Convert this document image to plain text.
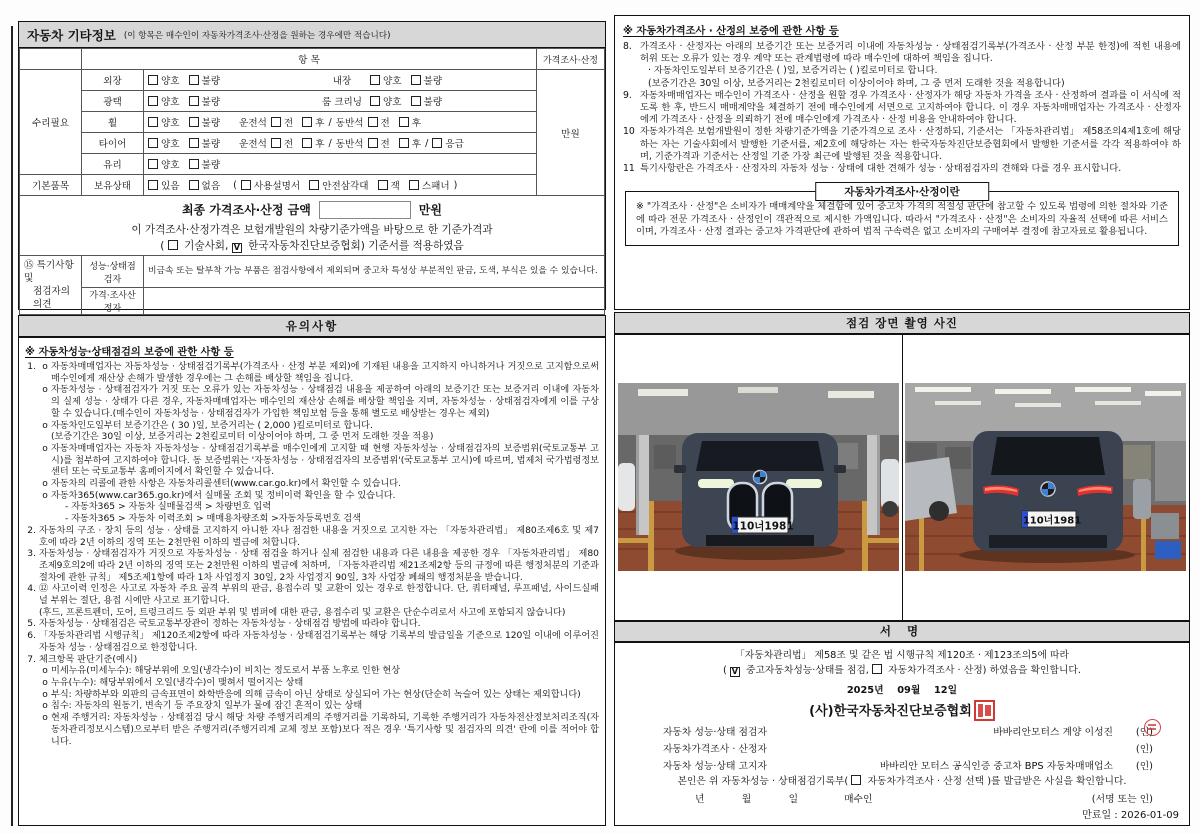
자동차 기타정보 (이 항목은 매수인이 자동차가격조사·산정을 원하는 경우에만 적습니다)
	항 목		가격조사·산정
수리필요	외장	양호 불량 내장 양호 불량	만원
	광택	양호 불량 룸 크리닝 양호 불량	

휠	양호 불량 운전석 전 후 / 동반석 전 후

타이어	양호 불량 운전석 전 후 / 동반석 전 후 / 응급

	유리	양호 불량	

기본품목	보유상태	있음 없음 ( 사용설명서 안전삼각대 잭 스패너 )

최종 가격조사·산정 금액	만원
이 가격조사·산정가격은 보험개발원의 차량기준가액을 바탕으로 한 기준가격과
( 기술사회, V 한국자동차진단보증협회) 기준서를 적용하였음

⑮ 특기사항 및
점검자의 의견	성능·상태점검자	비금속 또는 탈부착 가능 부품은 점검사항에서 제외되며 중고차 특성상 부분적인 판금, 도색, 부식은 있을 수 있습니다.	
	가격·조사산정자		
유의사항
※ 자동차성능·상태점검의 보증에 관한 사항 등
1. o 자동차매매업자는 자동차성능 · 상태점검기록부(가격조사 · 산정 부분 제외)에 기재된 내용을 고지하지 아니하거나 거짓으로 고지함으로써 매수인에게 재산상 손해가 발생한 경우에는 그 손해를 배상할 책임을 집니다.
o 자동차성능 · 상태점검자가 거짓 또는 오류가 있는 자동차성능 · 상태점검 내용을 제공하여 아래의 보증기간 또는 보증거리 이내에 자동차의 실제 성능 · 상태가 다른 경우, 자동차매매업자는 매수인의 재산상 손해를 배상할 책임을 지며, 자동차성능 · 상태점검자에게 이를 구상할 수 있습니다.(매수인이 자동차성능 · 상태점검자가 가입한 책임보험 등을 통해 별도로 배상받는 경우는 제외)
o 자동차인도일부터 보증기간은 ( 30 )일, 보증거리는 ( 2,000 )킬로미터로 합니다.
(보증기간은 30일 이상, 보증거리는 2천킬로미터 이상이어야 하며, 그 중 먼저 도래한 것을 적용)
o 자동차매매업자는 자동차 자동차성능 · 상태점검기록부를 매수인에게 고지할 때 현행 자동차성능 · 상태점검자의 보증범위(국토교통부 고시)를 첨부하여 고지하여야 합니다. 동 보증범위는 '자동차성능 · 상태점검자의 보증범위'(국토교통부 고시)에 따르며, 법제처 국가법령정보센터 또는 국토교통부 홈페이지에서 확인할 수 있습니다.
o 자동차의 리콜에 관한 사항은 자동차리콜센터(www.car.go.kr)에서 확인할 수 있습니다.
o 자동차365(www.car365.go.kr)에서 실매물 조회 및 정비이력 확인을 할 수 있습니다.
- 자동차365 > 자동차 실매물검색 > 차량번호 입력
- 자동차365 > 자동차 이력조회 > 매매용차량조회 >자동차등록번호 검색
2. 자동차의 구조 · 장치 등의 성능 · 상태를 고지하지 아니한 자나 점검한 내용을 거짓으로 고지한 자는 「자동차관리법」 제80조제6호 및 제7호에 따라 2년 이하의 징역 또는 2천만원 이하의 벌금에 처합니다.
3. 자동차성능 · 상태점검자가 거짓으로 자동차성능 · 상태 점검을 하거나 실제 점검한 내용과 다른 내용을 제공한 경우 「자동차관리법」 제80조제9호의2에 따라 2년 이하의 징역 또는 2천만원 이하의 벌금에 처하며, 「자동차관리법 제21조제2항 등의 규정에 따른 행정처분의 기준과 절차에 관한 규칙」 제5조제1항에 따라 1차 사업정지 30일, 2차 사업정지 90일, 3차 사업장 폐쇄의 행정처분을 받습니다.
4. ⑫ 사고이력 인정은 사고로 자동차 주요 골격 부위의 판금, 용접수리 및 교환이 있는 경우로 한정합니다. 단, 쿼터패널, 루프패널, 사이드실패널 부위는 절단, 용접 시에만 사고로 표기합니다.
(후드, 프론트펜더, 도어, 트렁크리드 등 외판 부위 및 범퍼에 대한 판금, 용접수리 및 교환은 단순수리로서 사고에 포함되지 않습니다)
5. 자동차성능 · 상태점검은 국토교통부장관이 정하는 자동차성능 · 상태점검 방법에 따라야 합니다.
6. 「자동차관리법 시행규칙」 제120조제2항에 따라 자동차성능 · 상태점검기록부는 해당 기록부의 발급일을 기준으로 120일 이내에 이루어진 자동차 성능 · 상태점검으로 한정합니다.
7. 체크항목 판단기준(예시)
o 미세누유(미세누수): 해당부위에 오일(냉각수)이 비치는 정도로서 부품 노후로 인한 현상
o 누유(누수): 해당부위에서 오일(냉각수)이 맺혀서 떨어지는 상태
o 부식: 차량하부와 외판의 금속표면이 화학반응에 의해 금속이 아닌 상태로 상실되어 가는 현상(단순히 녹슬어 있는 상태는 제외합니다)
o 침수: 자동차의 원동기, 변속기 등 주요장치 일부가 물에 잠긴 흔적이 있는 상태
o 현재 주행거리: 자동차성능 · 상태점검 당시 해당 차량 주행거리계의 주행거리를 기록하되, 기록한 주행거리가 자동차전산정보처리조직(자동차관리정보시스템)으로부터 받은 주행거리(주행거리계 교체 정보 포함)보다 적은 경우 '특기사항 및 점검자의 의견' 란에 이를 적어야 합니다.
※ 자동차가격조사 · 산정의 보증에 관한 사항 등
8. 가격조사 · 산정자는 아래의 보증기간 또는 보증거리 이내에 자동차성능 · 상태점검기록부(가격조사 · 산정 부분 한정)에 적힌 내용에 허위 또는 오류가 있는 경우 계약 또는 관계법령에 따라 매수인에 대하여 책임을 집니다.
· 자동차인도일부터 보증기간은 ( )일, 보증거리는 ( )킬로미터로 합니다.
(보증기간은 30일 이상, 보증거리는 2천킬로미터 이상이어야 하며, 그 중 먼저 도래한 것을 적용합니다)
9. 자동차매매업자는 매수인이 가격조사 · 산정을 원할 경우 가격조사 · 산정자가 해당 자동차 가격을 조사 · 산정하여 결과를 이 서식에 적도록 한 후, 반드시 매매계약을 체결하기 전에 매수인에게 서면으로 고지하여야 합니다. 이 경우 자동차매매업자는 가격조사 · 산정자에게 가격조사 · 산정을 의뢰하기 전에 매수인에게 가격조사 · 산정 비용을 안내하여야 합니다.
10 자동차가격은 보험개발원이 정한 차량기준가액을 기준가격으로 조사 · 산정하되, 기준서는 「자동차관리법」 제58조의4제1호에 해당하는 자는 기술사회에서 발행한 기준서를, 제2호에 해당하는 자는 한국자동차진단보증협회에서 발행한 기준서를 각각 적용하여야 하며, 기준가격과 기준서는 산정일 기준 가장 최근에 발행된 것을 적용합니다.
11 특기사항란은 가격조사 · 산정자의 자동차 성능 · 상태에 대한 견해가 성능 · 상태점검자의 견해와 다를 경우 표시합니다.
자동차가격조사·산정이란
※ "가격조사 · 산정"은 소비자가 매매계약을 체결함에 있어 중고차 가격의 적절성 판단에 참고할 수 있도록 법령에 의한 절차와 기준에 따라 전문 가격조사 · 산정인이 객관적으로 제시한 가액입니다. 따라서 "가격조사 · 산정"은 소비자의 자율적 선택에 따른 서비스이며, 가격조사 · 산정 결과는 중고차 가격판단에 관하여 법적 구속력은 없고 소비자의 구매여부 결정에 참고자료로 활용됩니다.
점검 장면 촬영 사진
110너1981	110너1981
서 명
「자동차관리법」 제58조 및 같은 법 시행규칙 제120조 · 제123조의5에 따라
( V 중고자동차성능·상태를 점검,  자동차가격조사 · 산정) 하였음을 확인합니다.
2025년    09월    12일
(사)한국자동차진단보증협회
자동차 성능·상태 점검자	바바리안모터스 계양 이성진	(인)
자동차가격조사 · 산정자	(인)
자동차 성능·상태 고지자	바바리안 모터스 공식인증 중고차 BPS 자동차매매업소	(인)
본인은 위 자동차성능 · 상태점검기록부( 자동차가격조사 · 산정 선택 )를 발급받은 사실을 확인합니다.
년            월            일	매수인	(서명 또는 인)
만료일 : 2026-01-09
